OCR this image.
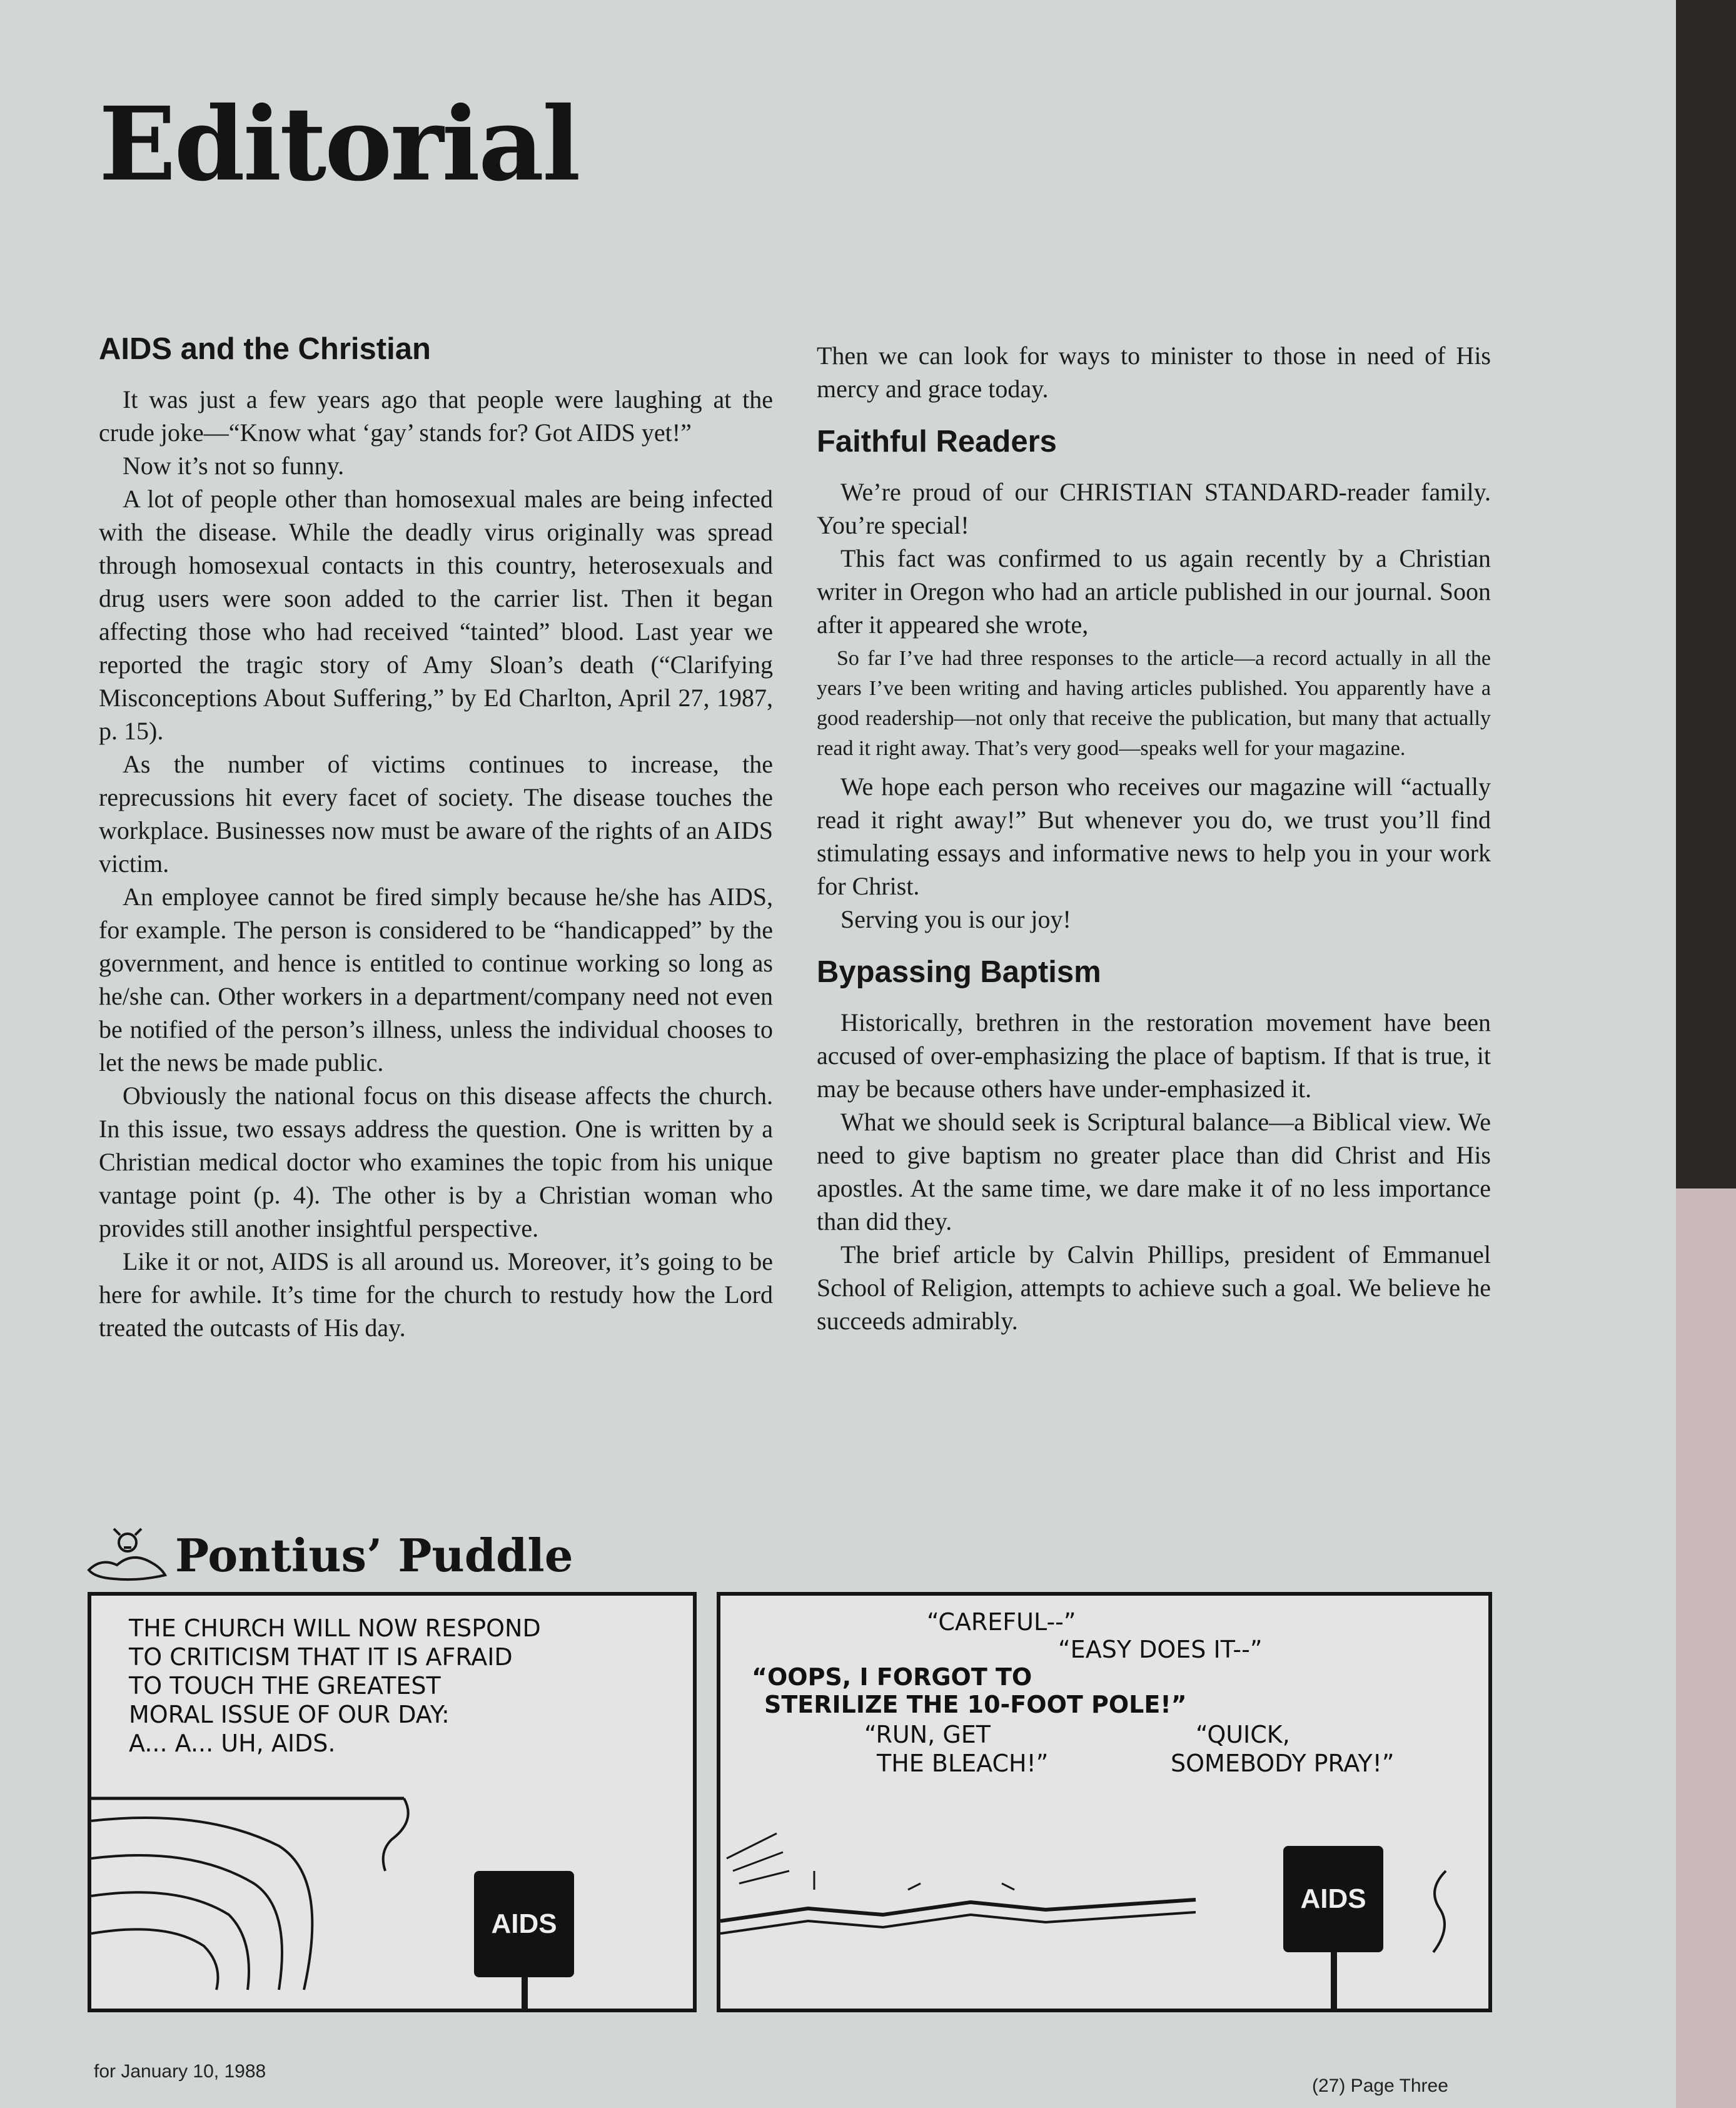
Editorial
AIDS and the Christian

It was just a few years ago that people were laughing at the crude joke—“Know what ‘gay’ stands for? Got AIDS yet!”

Now it’s not so funny.

A lot of people other than homosexual males are being infected with the disease. While the deadly virus originally was spread through homosexual contacts in this country, heterosexuals and drug users were soon added to the carrier list. Then it began affecting those who had received “tainted” blood. Last year we reported the tragic story of Amy Sloan’s death (“Clarifying Misconceptions About Suffering,” by Ed Charlton, April 27, 1987, p. 15).

As the number of victims continues to increase, the reprecussions hit every facet of society. The disease touches the workplace. Businesses now must be aware of the rights of an AIDS victim.

An employee cannot be fired simply because he/she has AIDS, for example. The person is considered to be “handicapped” by the government, and hence is entitled to continue working so long as he/she can. Other workers in a department/company need not even be notified of the person’s illness, unless the individual chooses to let the news be made public.

Obviously the national focus on this disease affects the church. In this issue, two essays address the question. One is written by a Christian medical doctor who examines the topic from his unique vantage point (p. 4). The other is by a Christian woman who provides still another insightful perspective.

Like it or not, AIDS is all around us. Moreover, it’s going to be here for awhile. It’s time for the church to restudy how the Lord treated the outcasts of His day.

Then we can look for ways to minister to those in need of His mercy and grace today.

Faithful Readers

We’re proud of our CHRISTIAN STANDARD-reader family. You’re special!

This fact was confirmed to us again recently by a Christian writer in Oregon who had an article published in our journal. Soon after it appeared she wrote,

So far I’ve had three responses to the article—a record actually in all the years I’ve been writing and having articles published. You apparently have a good readership—not only that receive the publication, but many that actually read it right away. That’s very good—speaks well for your magazine.

We hope each person who receives our magazine will “actually read it right away!” But whenever you do, we trust you’ll find stimulating essays and informative news to help you in your work for Christ.

Serving you is our joy!

Bypassing Baptism

Historically, brethren in the restoration movement have been accused of over-emphasizing the place of baptism. If that is true, it may be because others have under-emphasized it.

What we should seek is Scriptural balance—a Biblical view. We need to give baptism no greater place than did Christ and His apostles. At the same time, we dare make it of no less importance than did they.

The brief article by Calvin Phillips, president of Emmanuel School of Religion, attempts to achieve such a goal. We believe he succeeds admirably.

Pontius’ Puddle
THE CHURCH WILL NOW RESPOND
TO CRITICISM THAT IT IS AFRAID
TO TOUCH THE GREATEST
MORAL ISSUE OF OUR DAY:
A... A... UH, AIDS.
AIDS
“CAREFUL--”
“EASY DOES IT--”
“OOPS, I FORGOT TO
STERILIZE THE 10-FOOT POLE!”
“RUN, GET
THE BLEACH!”
“QUICK,
SOMEBODY PRAY!”
AIDS
for January 10, 1988
(27) Page Three
